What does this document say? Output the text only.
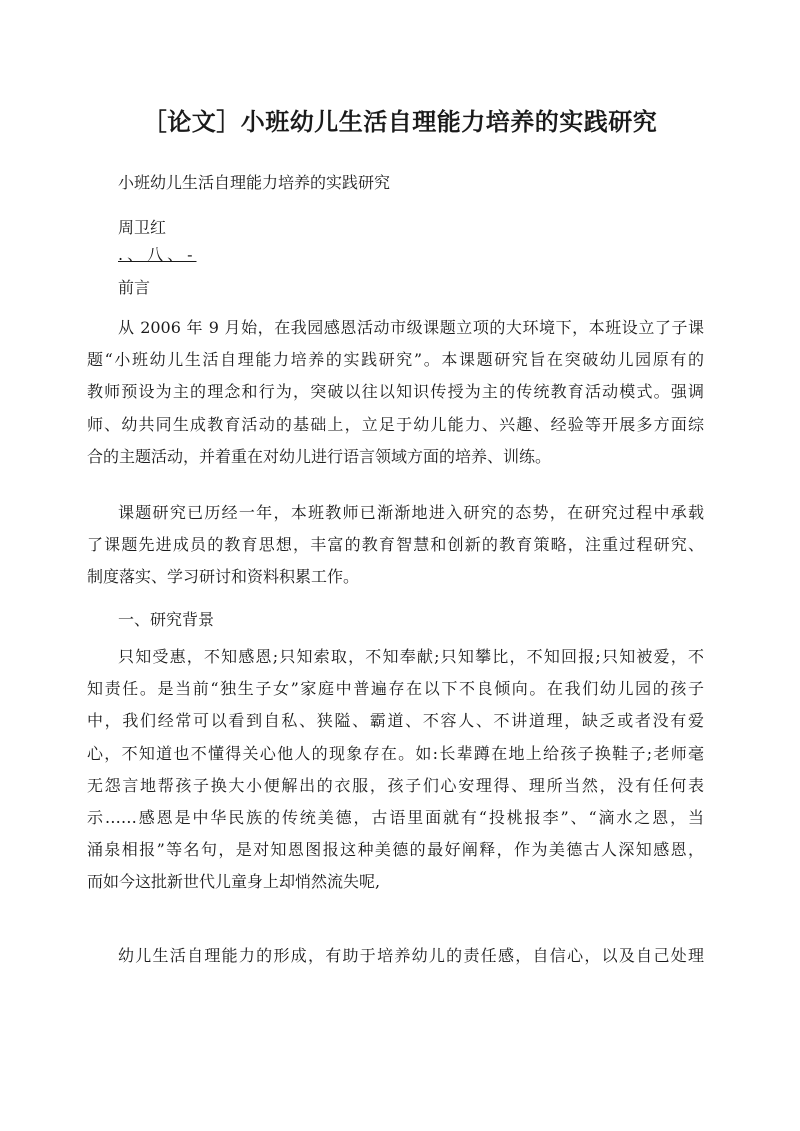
［论文］小班幼儿生活自理能力培养的实践研究
小班幼儿生活自理能力培养的实践研究
周卫红
.、八、-
前言
从 2006 年 9 月始，在我园感恩活动市级课题立项的大环境下，本班设立了子课
题“小班幼儿生活自理能力培养的实践研究”。本课题研究旨在突破幼儿园原有的
教师预设为主的理念和行为，突破以往以知识传授为主的传统教育活动模式。强调
师、幼共同生成教育活动的基础上，立足于幼儿能力、兴趣、经验等开展多方面综
合的主题活动，并着重在对幼儿进行语言领域方面的培养、训练。
课题研究已历经一年，本班教师已渐渐地进入研究的态势，在研究过程中承载
了课题先进成员的教育思想，丰富的教育智慧和创新的教育策略，注重过程研究、
制度落实、学习研讨和资料积累工作。
一、研究背景
只知受惠，不知感恩;只知索取，不知奉献;只知攀比，不知回报;只知被爱，不
知责任。是当前“独生子女”家庭中普遍存在以下不良倾向。在我们幼儿园的孩子
中，我们经常可以看到自私、狭隘、霸道、不容人、不讲道理，缺乏或者没有爱
心，不知道也不懂得关心他人的现象存在。如:长辈蹲在地上给孩子换鞋子;老师毫
无怨言地帮孩子换大小便解出的衣服，孩子们心安理得、理所当然，没有任何表
示……感恩是中华民族的传统美德，古语里面就有“投桃报李”、“滴水之恩，当
涌泉相报”等名句，是对知恩图报这种美德的最好阐释，作为美德古人深知感恩，
而如今这批新世代儿童身上却悄然流失呢,
幼儿生活自理能力的形成，有助于培养幼儿的责任感，自信心，以及自己处理
